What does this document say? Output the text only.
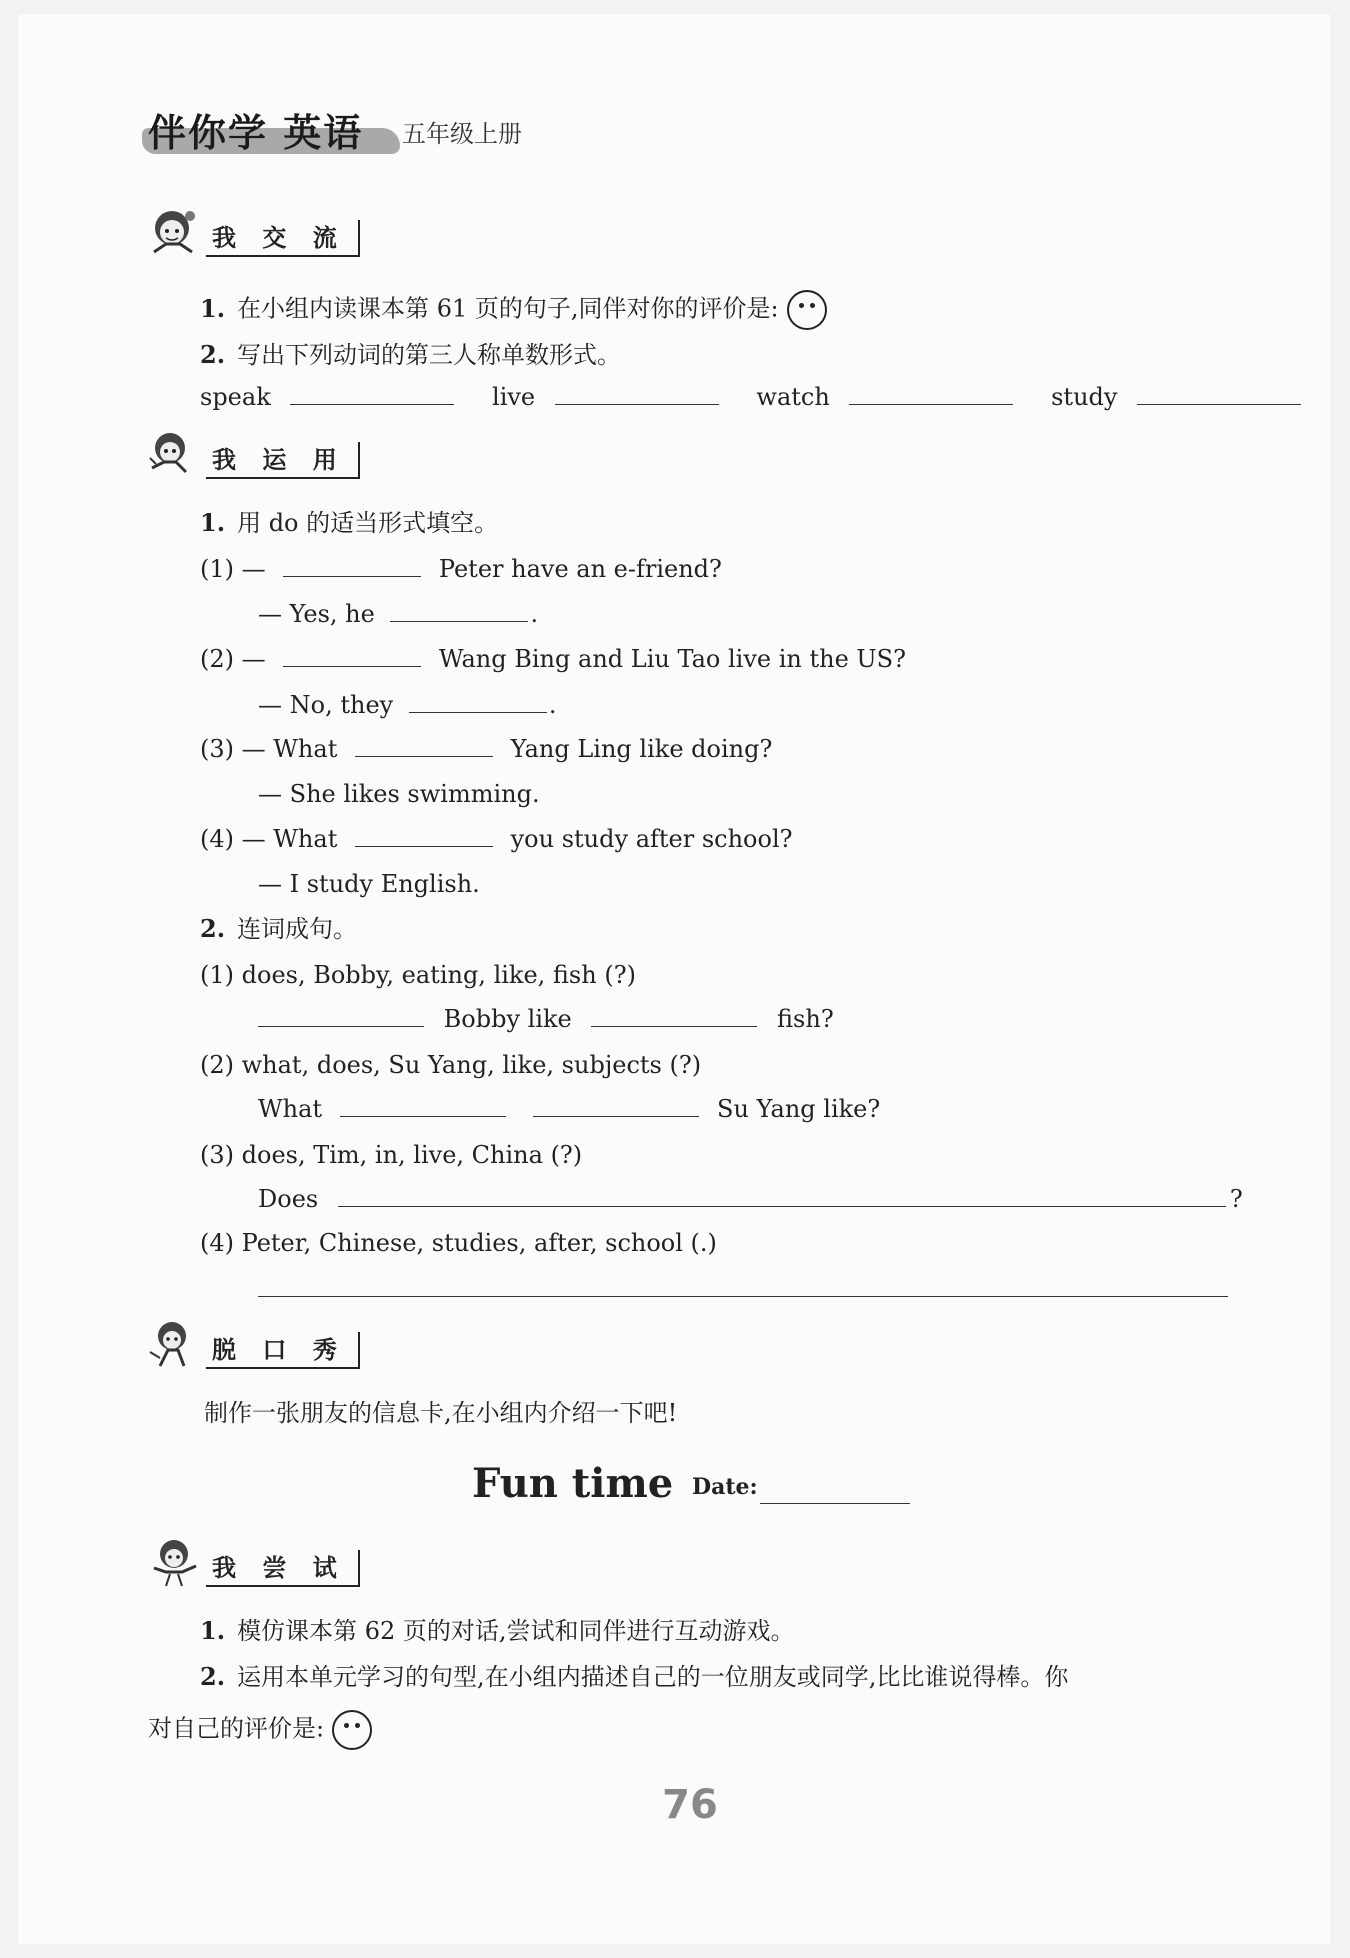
伴你学 英语	五年级上册
我 交 流
1. 在小组内读课本第 61 页的句子,同伴对你的评价是:
2. 写出下列动词的第三人称单数形式。
speak	live	watch	study
我 运 用
1. 用 do 的适当形式填空。
(1) —	Peter have an e-friend?
— Yes, he	.
(2) —	Wang Bing and Liu Tao live in the US?
— No, they	.
(3) — What	Yang Ling like doing?
— She likes swimming.
(4) — What	you study after school?
— I study English.
2. 连词成句。
(1) does, Bobby, eating, like, fish (?)
Bobby like	fish?
(2) what, does, Su Yang, like, subjects (?)
What	Su Yang like?
(3) does, Tim, in, live, China (?)
Does	?
(4) Peter, Chinese, studies, after, school (.)
脱 口 秀
制作一张朋友的信息卡,在小组内介绍一下吧!
Fun time Date:
我 尝 试
1. 模仿课本第 62 页的对话,尝试和同伴进行互动游戏。
2. 运用本单元学习的句型,在小组内描述自己的一位朋友或同学,比比谁说得棒。你
对自己的评价是:
76
